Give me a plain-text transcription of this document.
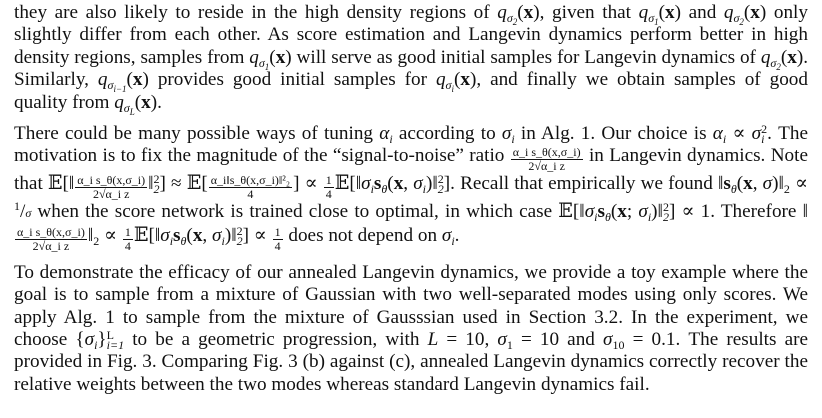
they are also likely to reside in the high density regions of $q_{\sigma 2}(x)$, given that $q_{\sigma 1}(x)$ and $q_{\sigma 2}(x)$ only slightly differ from each other. As score estimation and Langevin dynamics perform better in high density regions, samples from $q_{\sigma 1}(x)$ will serve as good initial samples for Langevin dynamics of $q_{\sigma 2}(x)$. Similarly, $q_{\sigma i-1}(x)$ provides good initial samples for $q_{\sigma i}(x)$, and finally we obtain samples of good quality from $q_{\sigma L}(x)$.

There could be many possible ways of tuning $\alpha_i$ according to $\sigma_i$ in Alg. 1. Our choice is $\alpha_i \propto \sigma$ 2
i . The motivation is to fix the magnitude of the “signal-to-noise” ratio $\frac{\text{α\_i s\_θ(x,σ\_i)}}{\text{2√α\_i z}}$ in Langevin dynamics. Note that 𝔼[‖ $\frac{\text{α\_i s\_θ(x,σ\_i)}}{\text{2√α\_i z}}$ ‖ 2
2 ] ≈ 𝔼[ $\frac{\text{α\_i‖s\_θ(x,σ\_i)‖²₂}}{4}$ ] ∝ $\frac{1}{4}$ $𝔼[‖\sigma_is_\theta(x$, $\sigma_i)‖$ 2
2 ]. Recall that empirically we found $‖s_\theta(x$, $\sigma)‖_2 \propto ^1/\sigma$ when the score network is trained close to optimal, in which case $𝔼[‖\sigma_is_\theta(x$; $\sigma_i)‖$ 2
2 ] ∝ 1. Therefore ‖
$\frac{\text{α\_i s\_θ(x,σ\_i)}}{\text{2√α\_i z}}$ $‖_2 \propto \frac{1}{4}$ $𝔼[‖\sigma_is_\theta(x$, $\sigma_i)‖$ 2
2 ] ∝ $\frac{1}{4}$ does not depend on $\sigma_i$.

To demonstrate the efficacy of our annealed Langevin dynamics, we provide a toy example where the goal is to sample from a mixture of Gaussian with two well-separated modes using only scores. We apply Alg. 1 to sample from the mixture of Gausssian used in Section 3.2. In the experiment, we choose $\{\sigma_i\}$ L
i=1 to be a geometric progression, with L = 10, $\sigma_1 = 10$ and $\sigma_{10} = 0.1$. The results are provided in Fig. 3. Comparing Fig. 3 (b) against (c), annealed Langevin dynamics correctly recover the relative weights between the two modes whereas standard Langevin dynamics fail.
